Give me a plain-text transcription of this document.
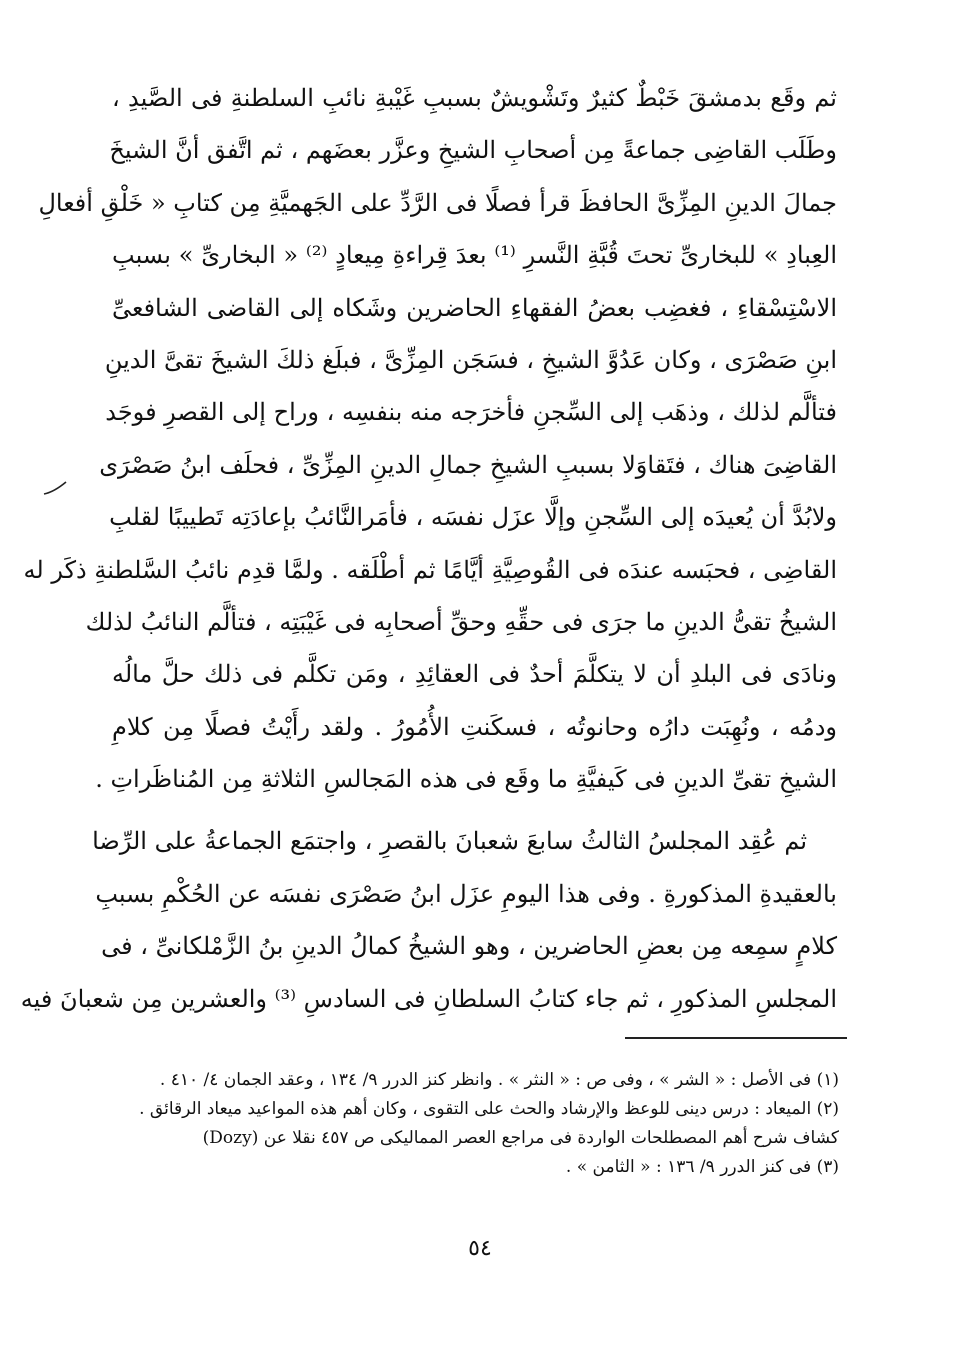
ثم وقَع بدمشقَ خَبْطٌ كثيرٌ وتَشْويشٌ بسببِ غَيْبةِ نائبِ السلطنةِ فى الصَّيدِ ،
وطَلَب القاضِى جماعةً مِن أصحابِ الشيخِ وعزَّر بعضَهم ، ثم اتَّفق أنَّ الشيخَ
جمالَ الدينِ المِزِّىَّ الحافظَ قرأ فصلًا فى الرَّدِّ على الجَهميَّةِ مِن كتابِ « خَلْقِ أفعالِ
العِبادِ » للبخارىِّ تحتَ قُبَّةِ النَّسرِ ⁽¹⁾ بعدَ قِراءةِ مِيعادٍ ⁽²⁾ « البخارىِّ » بسببِ
الاسْتِسْقاءِ ، فغضِب بعضُ الفقهاءِ الحاضرين وشَكاه إلى القاضى الشافعىِّ
ابنِ صَصْرَى ، وكان عَدُوَّ الشيخِ ، فسَجَن المِزِّىَّ ، فبلَغ ذلكَ الشيخَ تقىَّ الدينِ
فتألَّم لذلك ، وذهَب إلى السِّجنِ فأخرَجه منه بنفسِه ، وراح إلى القصرِ فوجَد
القاضِىَ هناك ، فتَقاوَلا بسببِ الشيخِ جمالِ الدينِ المِزِّىِّ ، فحلَف ابنُ صَصْرَى
ولابُدَّ أن يُعيدَه إلى السِّجنِ وإلَّا عزَل نفسَه ، فأمَرالنَّائبُ بإعادَتِه تَطييبًا لقلبِ
القاضِى ، فحبَسه عندَه فى القُوصِيَّةِ أيَّامًا ثم أطْلَقه . ولمَّا قدِم نائبُ السَّلطنةِ ذكَر له
الشيخُ تقىُّ الدينِ ما جرَى فى حقِّهِ وحقِّ أصحابِه فى غَيْبَتِه ، فتألَّم النائبُ لذلك
ونادَى فى البلدِ أن لا يتكلَّمَ أحدٌ فى العقائِدِ ، ومَن تكلَّم فى ذلك حلَّ مالُه
ودمُه ، ونُهِبَت دارُه وحانوتُه ، فسكَنتِ الأُمُورُ . ولقد رأَيْتُ فصلًا مِن كلامِ
الشيخِ تقىِّ الدينِ فى كَيفيَّةِ ما وقَع فى هذه المَجالسِ الثلاثةِ مِن المُناظَراتِ .
ثم عُقِد المجلسُ الثالثُ سابعَ شعبانَ بالقصرِ ، واجتمَع الجماعةُ على الرِّضا
بالعقيدةِ المذكورةِ . وفى هذا اليومِ عزَل ابنُ صَصْرَى نفسَه عن الحُكْمِ بسببِ
كلامٍ سمِعه مِن بعضِ الحاضرين ، وهو الشيخُ كمالُ الدينِ بنُ الزَّمْلكانىِّ ، فى
المجلسِ المذكورِ ، ثم جاء كتابُ السلطانِ فى السادسِ ⁽³⁾ والعشرين مِن شعبانَ فيه
(١) فى الأصل : « الشر » ، وفى ص : « النثر » . وانظر كنز الدرر ٩/ ١٣٤ ، وعقد الجمان ٤/ ٤١٠ .
(٢) الميعاد : درس دينى للوعظ والإرشاد والحث على التقوى ، وكان أهم هذه المواعيد ميعاد الرقائق .
كشاف شرح أهم المصطلحات الواردة فى مراجع العصر المماليكى ص ٤٥٧ نقلا عن (Dozy)
(٣) فى كنز الدرر ٩/ ١٣٦ : « الثامن » .
٥٤
